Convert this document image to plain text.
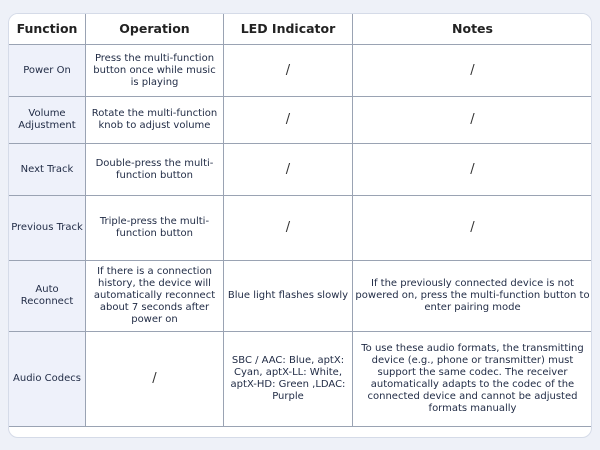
Function	Operation	LED Indicator	Notes
Power On	Press the multi-function button once while music is playing	/	/
Volume Adjustment	Rotate the multi-function knob to adjust volume	/	/
Next Track	Double-press the multi-function button	/	/
Previous Track	Triple-press the multi-function button	/	/
Auto Reconnect	If there is a connection history, the device will automatically reconnect about 7 seconds after power on	Blue light flashes slowly	If the previously connected device is not powered on, press the multi-function button to enter pairing mode
Audio Codecs	/	SBC / AAC: Blue, aptX: Cyan, aptX-LL: White, aptX-HD: Green ,LDAC: Purple	To use these audio formats, the transmitting device (e.g., phone or transmitter) must support the same codec. The receiver automatically adapts to the codec of the connected device and cannot be adjusted formats manually
